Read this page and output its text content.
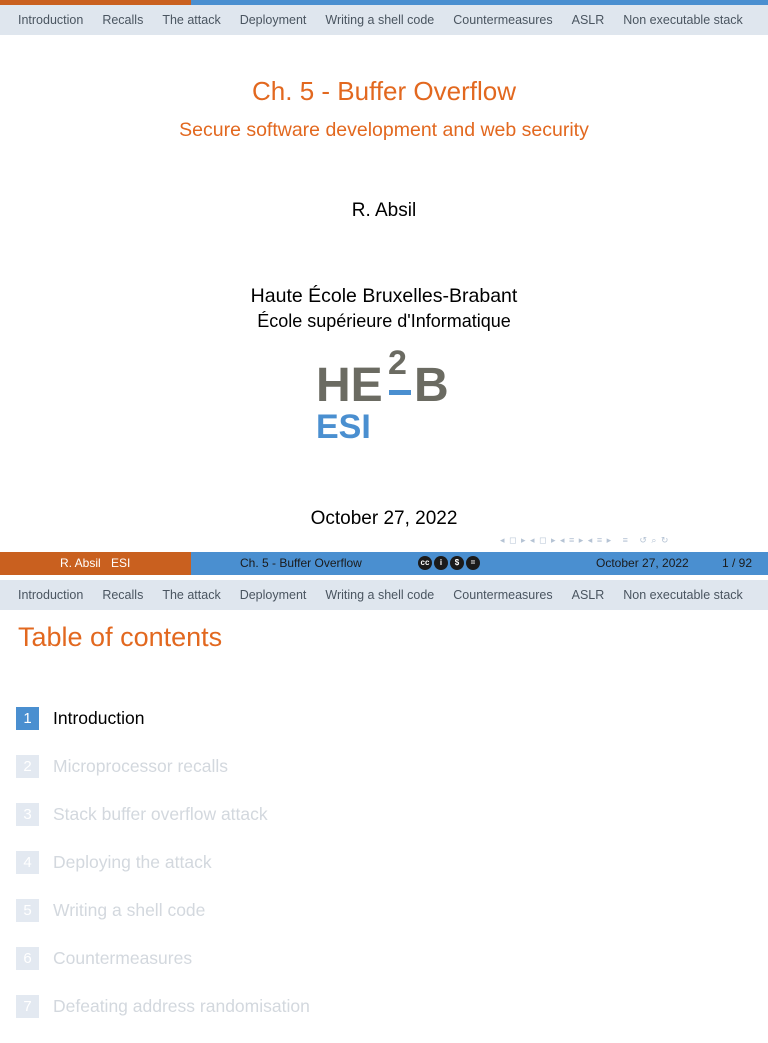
Introduction Recalls The attack Deployment Writing a shell code Countermeasures ASLR Non executable stack
Ch. 5 - Buffer Overflow
Secure software development and web security
R. Absil
Haute École Bruxelles-Brabant
École supérieure d'Informatique
HE 2 B
ESI
October 27, 2022
◂ ◻ ▸ ◂ ◻ ▸ ◂ ≡ ▸ ◂ ≡ ▸   ≡   ↺ ⌕ ↻
R. Absil ESI	Ch. 5 - Buffer Overflow	cc	i	$	=	October 27, 2022	1 / 92
Introduction Recalls The attack Deployment Writing a shell code Countermeasures ASLR Non executable stack
Table of contents
1	Introduction
2	Microprocessor recalls
3	Stack buffer overflow attack
4	Deploying the attack
5	Writing a shell code
6	Countermeasures
7	Defeating address randomisation
